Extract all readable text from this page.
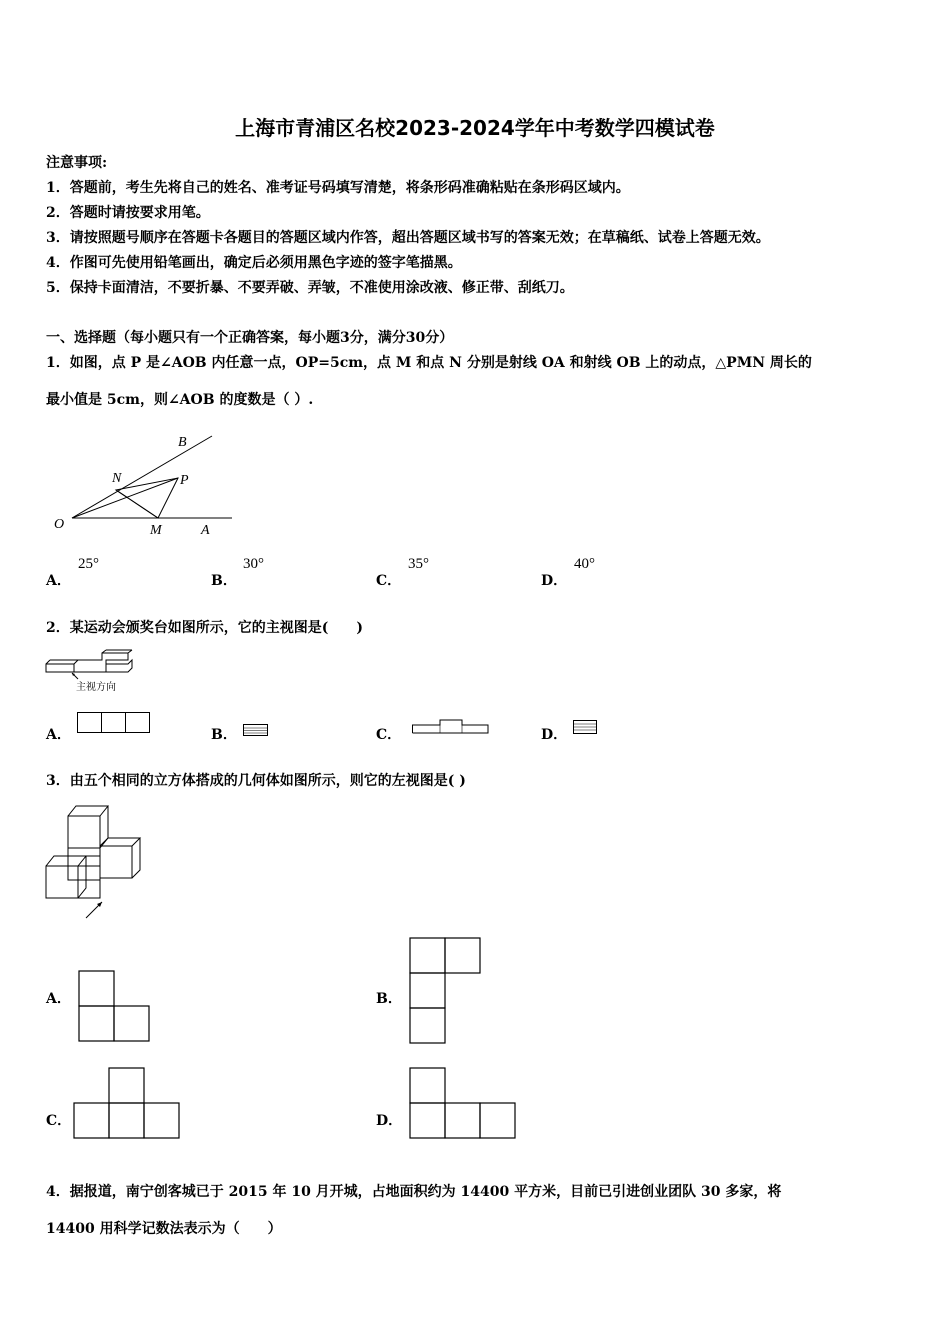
上海市青浦区名校2023-2024学年中考数学四模试卷
注意事项:
1．答题前，考生先将自己的姓名、准考证号码填写清楚，将条形码准确粘贴在条形码区域内。
2．答题时请按要求用笔。
3．请按照题号顺序在答题卡各题目的答题区域内作答，超出答题区域书写的答案无效；在草稿纸、试卷上答题无效。
4．作图可先使用铅笔画出，确定后必须用黑色字迹的签字笔描黑。
5．保持卡面清洁，不要折暴、不要弄破、弄皱，不准使用涂改液、修正带、刮纸刀。
一、选择题（每小题只有一个正确答案，每小题3分，满分30分）
1．如图，点 P 是∠AOB 内任意一点，OP=5cm，点 M 和点 N 分别是射线 OA 和射线 OB 上的动点，△PMN 周长的
最小值是 5cm，则∠AOB 的度数是（ ）.
B
N	P
O	M	A
A．
25°
B．
30°
C．
35°
D．
40°
2．某运动会颁奖台如图所示，它的主视图是(　　)
主视方向
A．	B．	C．	D．
3．由五个相同的立方体搭成的几何体如图所示，则它的左视图是( )
A．	B．
C．	D．
4．据报道，南宁创客城已于 2015 年 10 月开城，占地面积约为 14400 平方米，目前已引进创业团队 30 多家，将
14400 用科学记数法表示为（　　）
